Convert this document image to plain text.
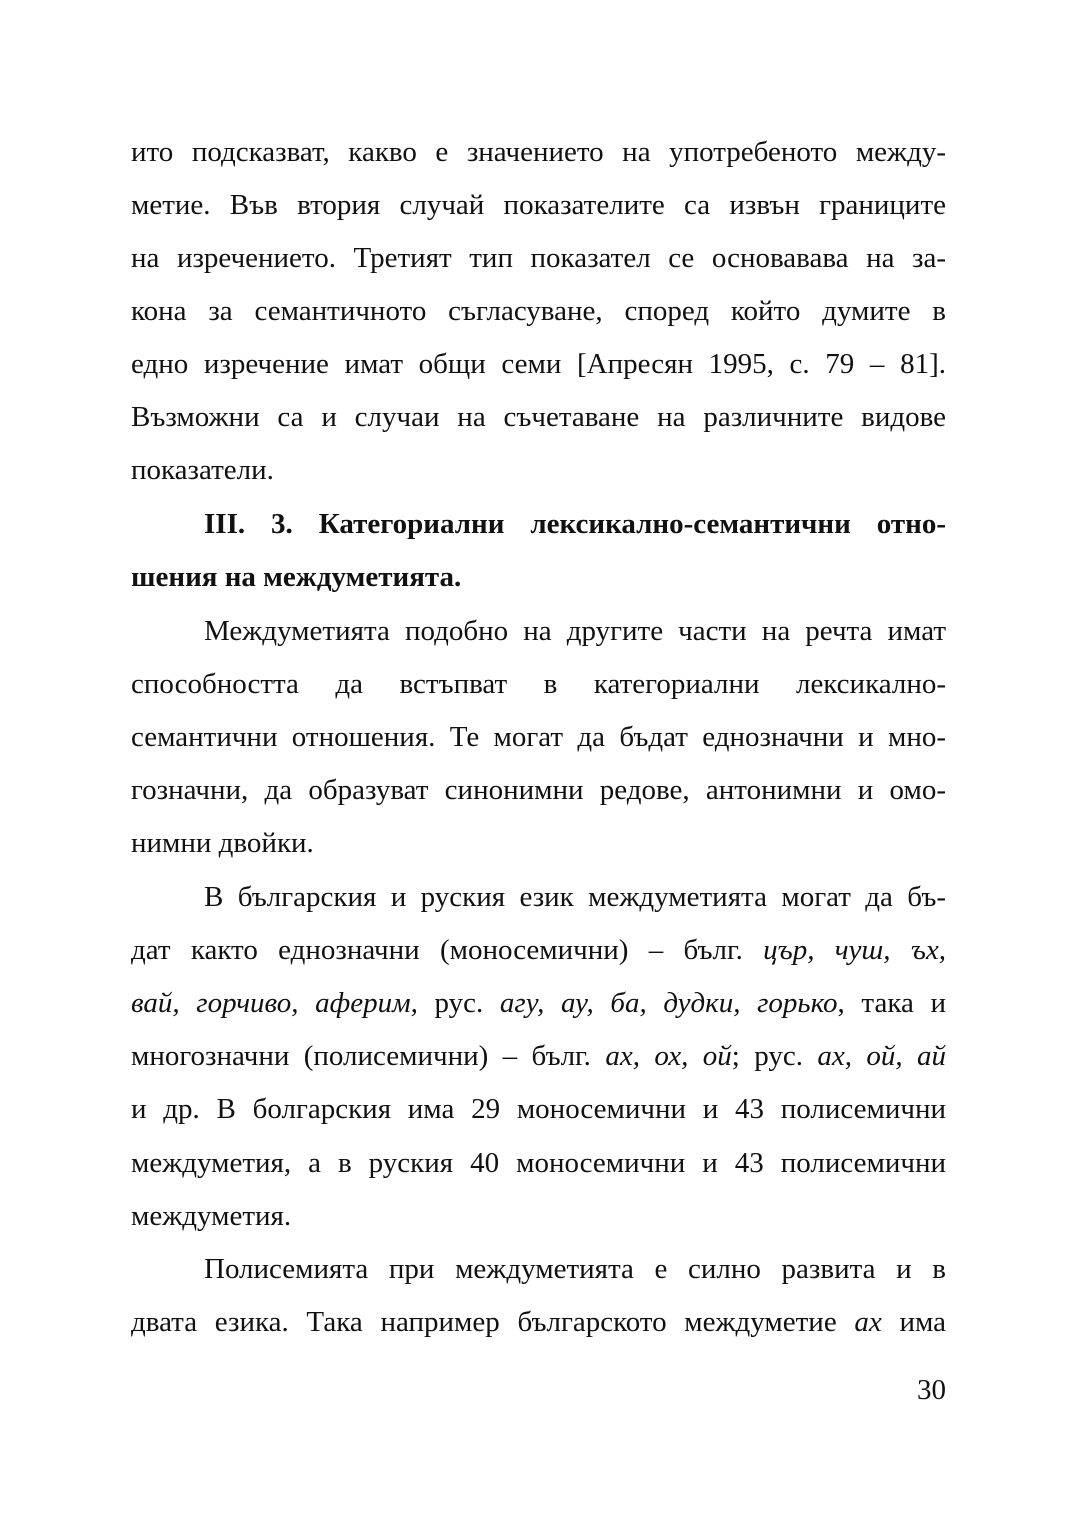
ито подсказват, какво е значението на употребеното между-
метие. Във втория случай показателите са извън границите
на изречението. Третият тип показател се основавава на за-
кона за семантичното съгласуване, според който думите в
едно изречение имат общи семи [Апресян 1995, с. 79 – 81].
Възможни са и случаи на съчетаване на различните видове
показатели.
III. 3. Категориални лексикално-семантични отно-
шения на междуметията.
Междуметията подобно на другите части на речта имат
способността да встъпват в категориални лексикално-
семантични отношения. Те могат да бъдат еднозначни и мно-
гозначни, да образуват синонимни редове, антонимни и омо-
нимни двойки.
В българския и руския език междуметията могат да бъ-
дат както еднозначни (моносемични) – бълг. цър, чуш, ъх,
вай, горчиво, аферим, рус. агу, ау, ба, дудки, горько, така и
многозначни (полисемични) – бълг. ах, ох, ой; рус. ах, ой, ай
и др. В болгарския има 29 моносемични и 43 полисемични
междуметия, а в руския 40 моносемични и 43 полисемични
междуметия.
Полисемията при междуметията е силно развита и в
двата езика. Така например българското междуметие ах има
30
